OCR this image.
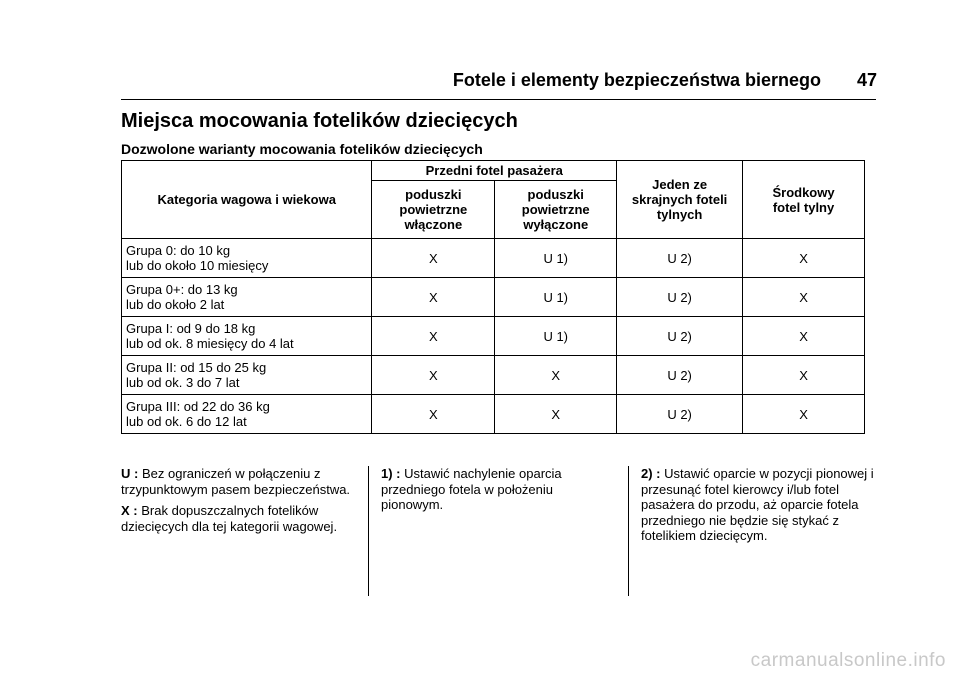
Fotele i elementy bezpieczeństwa biernego 47
Miejsca mocowania fotelików dziecięcych
Dozwolone warianty mocowania fotelików dziecięcych
Kategoria wagowa i wiekowa	Przedni fotel pasażera		Jeden ze skrajnych foteli tylnych	Środkowy fotel tylny

	poduszki powietrzne włączone	poduszki powietrzne wyłączone		

Grupa 0: do 10 kg
lub do około 10 miesięcy	X	U 1)	U 2)	X
Grupa 0+: do 13 kg
lub do około 2 lat	X	U 1)	U 2)	X
Grupa I: od 9 do 18 kg
lub od ok. 8 miesięcy do 4 lat	X	U 1)	U 2)	X
Grupa II: od 15 do 25 kg
lub od ok. 3 do 7 lat	X	X	U 2)	X
Grupa III: od 22 do 36 kg
lub od ok. 6 do 12 lat	X	X	U 2)	X

U : Bez ograniczeń w połączeniu z trzypunktowym pasem bezpieczeństwa.

X : Brak dopuszczalnych fotelików dziecięcych dla tej kategorii wagowej.

1) : Ustawić nachylenie oparcia przedniego fotela w położeniu pionowym.

2) : Ustawić oparcie w pozycji pionowej i przesunąć fotel kierowcy i/lub fotel pasażera do przodu, aż oparcie fotela przedniego nie będzie się stykać z fotelikiem dziecięcym.

carmanualsonline.info
